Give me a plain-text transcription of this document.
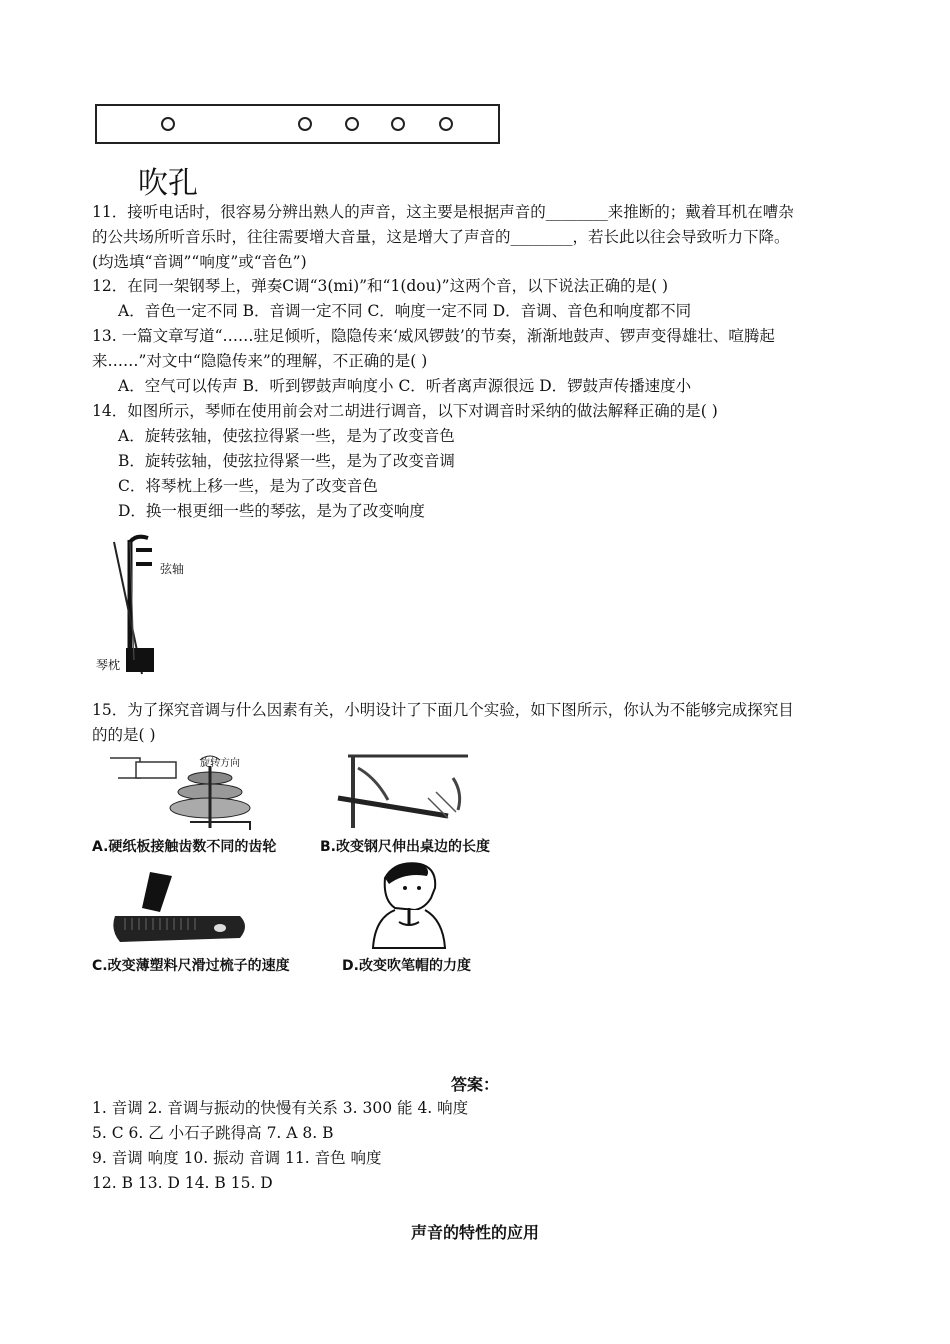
吹孔
11．接听电话时，很容易分辨出熟人的声音，这主要是根据声音的________来推断的；戴着耳机在嘈杂
的公共场所听音乐时，往往需要增大音量，这是增大了声音的________，若长此以往会导致听力下降。
(均选填“音调”“响度”或“音色”)
12．在同一架钢琴上，弹奏C调“3(mi)”和“1(dou)”这两个音，以下说法正确的是( )
A．音色一定不同 B．音调一定不同 C．响度一定不同 D．音调、音色和响度都不同
13. 一篇文章写道“……驻足倾听，隐隐传来‘威风锣鼓’的节奏，渐渐地鼓声、锣声变得雄壮、喧腾起
来……”对文中“隐隐传来”的理解，不正确的是( )
A．空气可以传声 B．听到锣鼓声响度小 C．听者离声源很远 D．锣鼓声传播速度小
14．如图所示，琴师在使用前会对二胡进行调音，以下对调音时采纳的做法解释正确的是( )
A．旋转弦轴，使弦拉得紧一些，是为了改变音色
B．旋转弦轴，使弦拉得紧一些，是为了改变音调
C．将琴枕上移一些，是为了改变音色
D．换一根更细一些的琴弦，是为了改变响度
弦轴
琴枕
15．为了探究音调与什么因素有关，小明设计了下面几个实验，如下图所示，你认为不能够完成探究目
的的是( )
旋转方向
A.硬纸板接触齿数不同的齿轮	B.改变钢尺伸出桌边的长度
C.改变薄塑料尺滑过梳子的速度	D.改变吹笔帽的力度
答案：
1. 音调 2. 音调与振动的快慢有关系 3. 300 能 4. 响度
5. C 6. 乙 小石子跳得高 7. A 8. B
9. 音调 响度 10. 振动 音调 11. 音色 响度
12. B 13. D 14. B 15. D
声音的特性的应用
